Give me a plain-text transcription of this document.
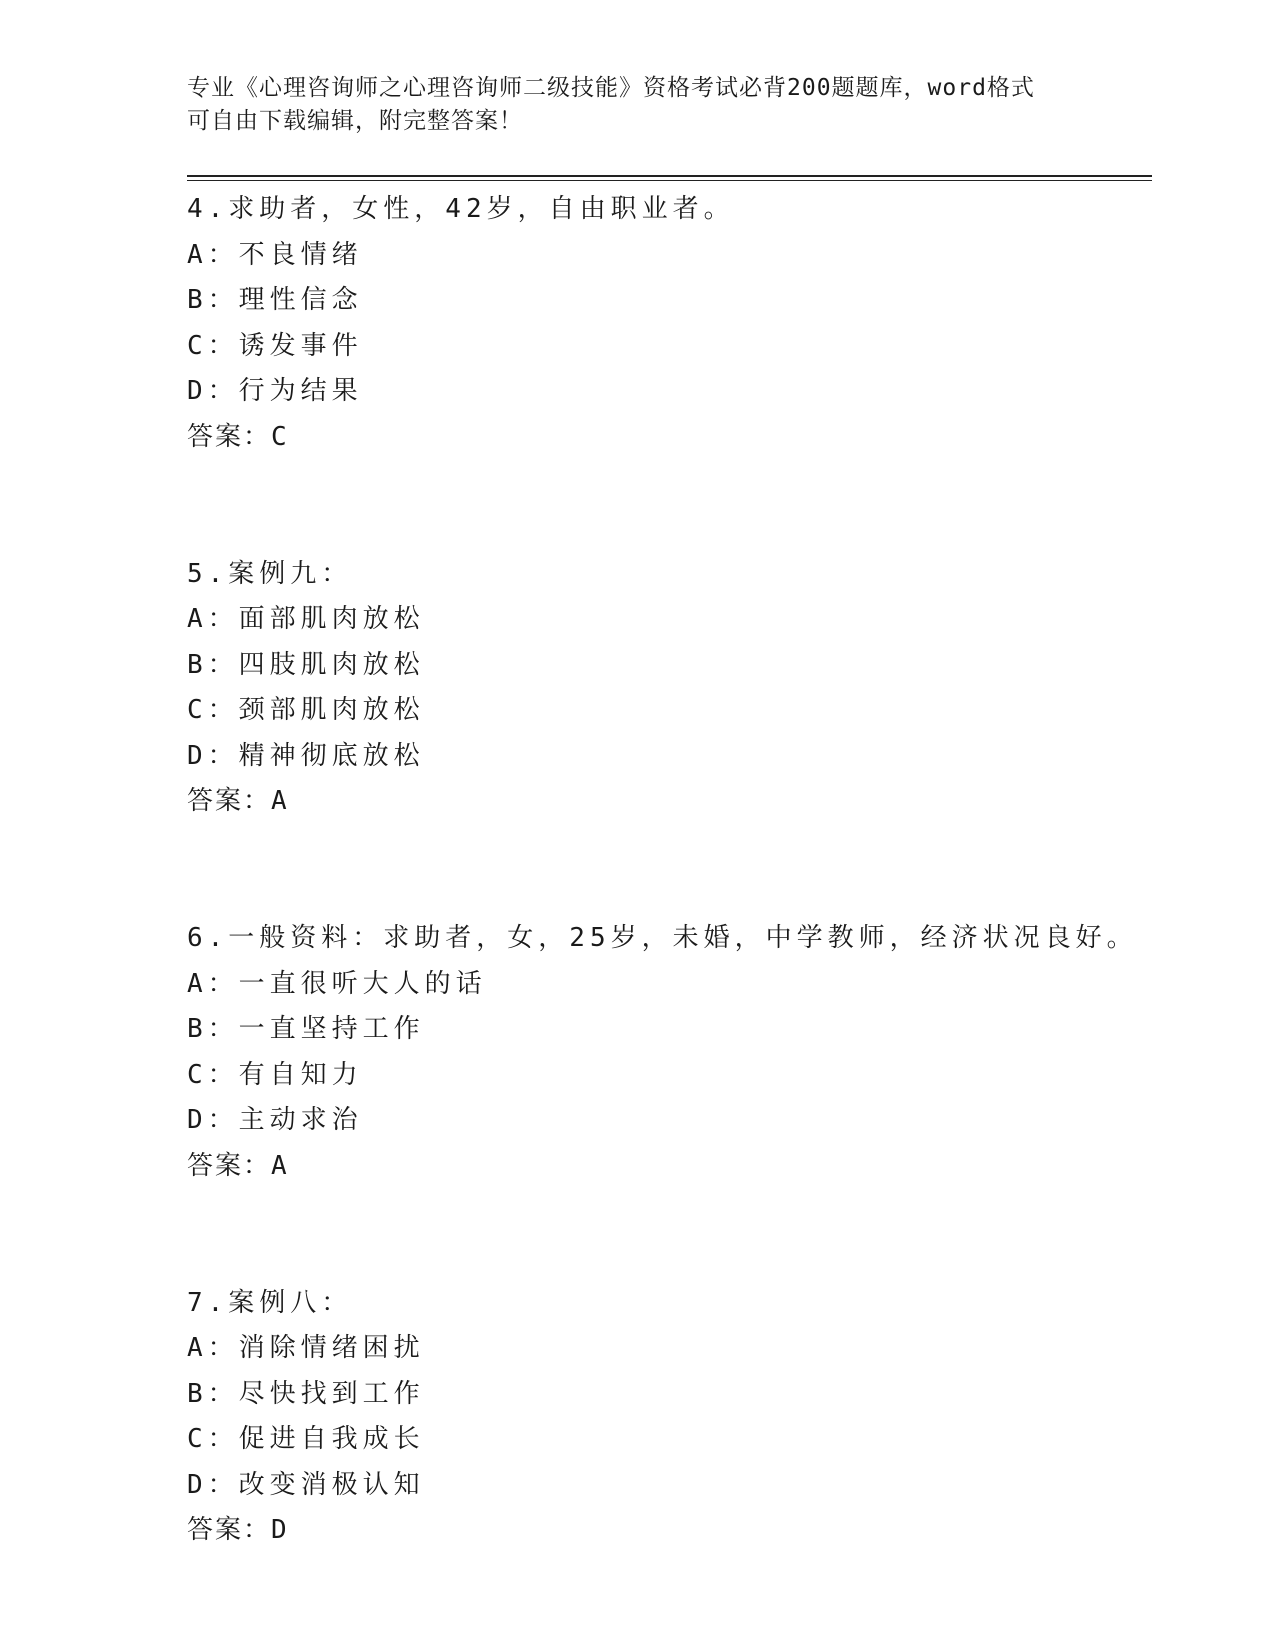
专业《心理咨询师之心理咨询师二级技能》资格考试必背200题题库，word格式
可自由下载编辑，附完整答案！
4.求助者，女性，42岁，自由职业者。
A：不良情绪
B：理性信念
C：诱发事件
D：行为结果
答案：C
5.案例九：
A：面部肌肉放松
B：四肢肌肉放松
C：颈部肌肉放松
D：精神彻底放松
答案：A
6.一般资料：求助者，女，25岁，未婚，中学教师，经济状况良好。
A：一直很听大人的话
B：一直坚持工作
C：有自知力
D：主动求治
答案：A
7.案例八：
A：消除情绪困扰
B：尽快找到工作
C：促进自我成长
D：改变消极认知
答案：D
